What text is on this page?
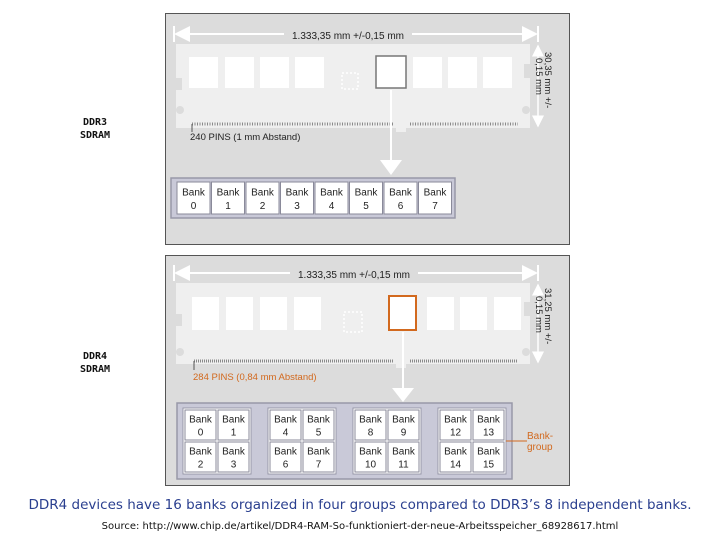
DDR3
SDRAM
DDR4
SDRAM
1.333,35 mm +/-0,15 mm
240 PINS (1 mm Abstand)
30,35 mm +/-
0,15 mm
Bank
0
Bank
1
Bank
2
Bank
3
Bank
4
Bank
5
Bank
6
Bank
7
1.333,35 mm +/-0,15 mm
284 PINS (0,84 mm Abstand)
31,25 mm +/-
0,15 mm
Bank
0
Bank
1
Bank
2
Bank
3
Bank
4
Bank
5
Bank
6
Bank
7
Bank
8
Bank
9
Bank
10
Bank
11
Bank
12
Bank
13
Bank
14
Bank
15
Bank-
group
DDR4 devices have 16 banks organized in four groups compared to DDR3’s 8 independent banks.
Source: http://www.chip.de/artikel/DDR4-RAM-So-funktioniert-der-neue-Arbeitsspeicher_68928617.html
